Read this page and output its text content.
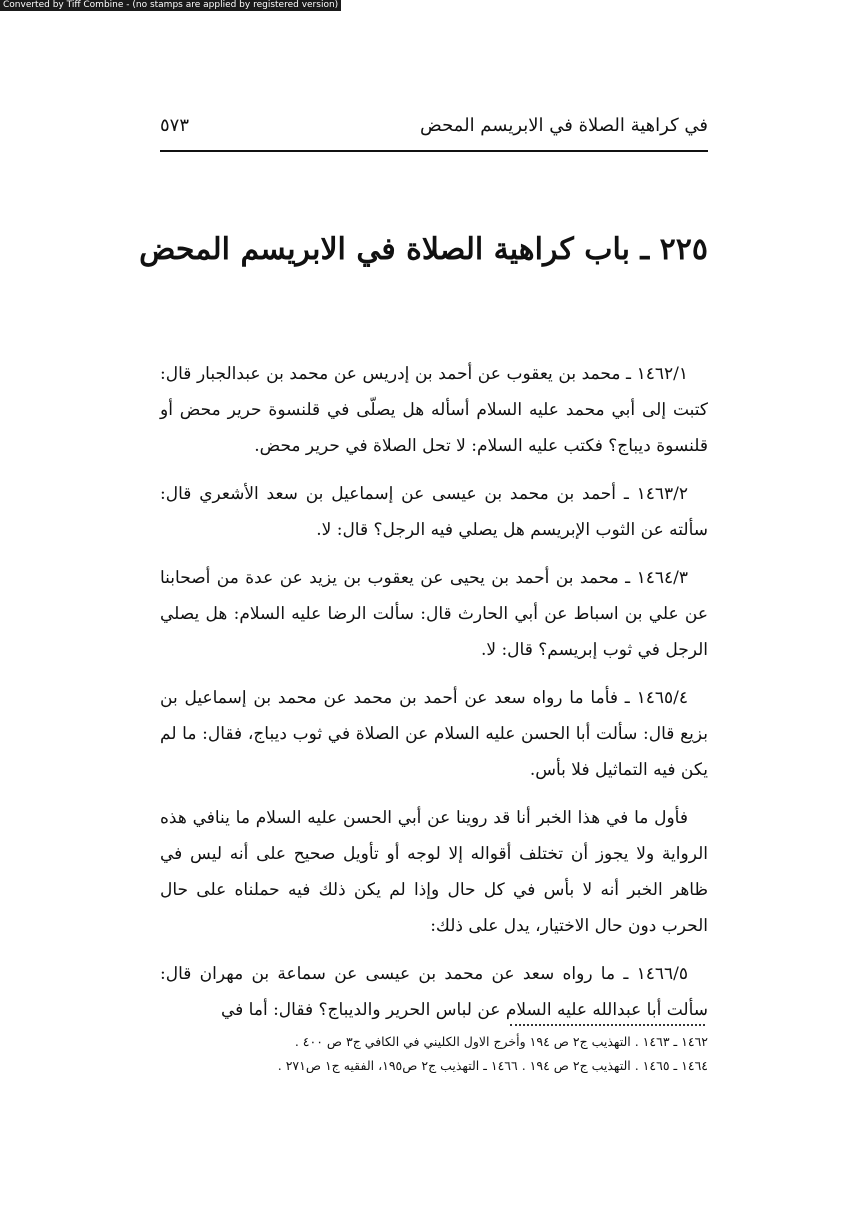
Converted by Tiff Combine - (no stamps are applied by registered version)
في كراهية الصلاة في الابريسم المحض
٥٧٣
٢٢٥ ـ باب كراهية الصلاة في الابريسم المحض

١٤٦٢/١ ـ محمد بن يعقوب عن أحمد بن إدريس عن محمد بن عبدالجبار قال: كتبت إلى أبي محمد عليه السلام أسأله هل يصلّى في قلنسوة حرير محض أو قلنسوة ديباج؟ فكتب عليه السلام: لا تحل الصلاة في حرير محض.

١٤٦٣/٢ ـ أحمد بن محمد بن عيسى عن إسماعيل بن سعد الأشعري قال: سألته عن الثوب الإبريسم هل يصلي فيه الرجل؟ قال: لا.

١٤٦٤/٣ ـ محمد بن أحمد بن يحيى عن يعقوب بن يزيد عن عدة من أصحابنا عن علي بن اسباط عن أبي الحارث قال: سألت الرضا عليه السلام: هل يصلي الرجل في ثوب إبريسم؟ قال: لا.

١٤٦٥/٤ ـ فأما ما رواه سعد عن أحمد بن محمد عن محمد بن إسماعيل بن بزيع قال: سألت أبا الحسن عليه السلام عن الصلاة في ثوب ديباج، فقال: ما لم يكن فيه التماثيل فلا بأس.

فأول ما في هذا الخبر أنا قد روينا عن أبي الحسن عليه السلام ما ينافي هذه الرواية ولا يجوز أن تختلف أقواله إلا لوجه أو تأويل صحيح على أنه ليس في ظاهر الخبر أنه لا بأس في كل حال وإذا لم يكن ذلك فيه حملناه على حال الحرب دون حال الاختيار، يدل على ذلك:

١٤٦٦/٥ ـ ما رواه سعد عن محمد بن عيسى عن سماعة بن مهران قال: سألت أبا عبدالله عليه السلام عن لباس الحرير والديباج؟ فقال: أما في

١٤٦٢ ـ ١٤٦٣ . التهذيب ج٢ ص ١٩٤ وأخرج الاول الكليني في الكافي ج٣ ص ٤٠٠ .
١٤٦٤ ـ ١٤٦٥ . التهذيب ج٢ ص ١٩٤ . ١٤٦٦ ـ التهذيب ج٢ ص١٩٥، الفقيه ج١ ص٢٧١ .
